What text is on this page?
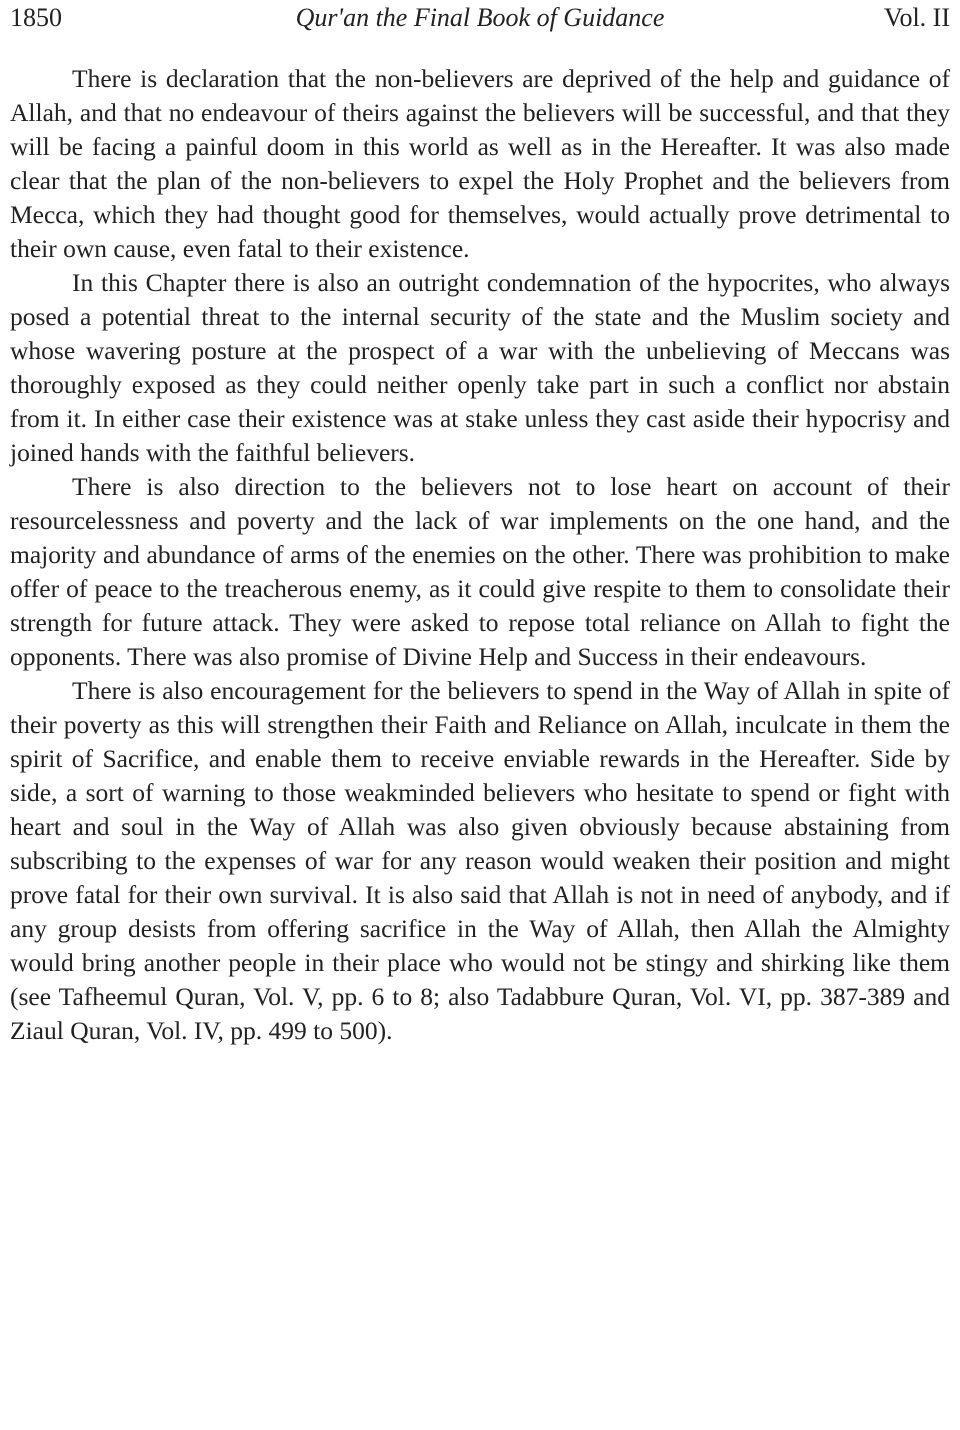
Qur'an the Final Book of Guidance
1850	Vol. II

There is declaration that the non-believers are deprived of the help and guidance of Allah, and that no endeavour of theirs against the believers will be successful, and that they will be facing a painful doom in this world as well as in the Hereafter. It was also made clear that the plan of the non-believers to expel the Holy Prophet and the believers from Mecca, which they had thought good for themselves, would actually prove detrimental to their own cause, even fatal to their existence.

In this Chapter there is also an outright condemnation of the hypocrites, who always posed a potential threat to the internal security of the state and the Muslim society and whose wavering posture at the prospect of a war with the unbelieving of Meccans was thoroughly exposed as they could neither openly take part in such a conflict nor abstain from it. In either case their existence was at stake unless they cast aside their hypocrisy and joined hands with the faithful believers.

There is also direction to the believers not to lose heart on account of their resourcelessness and poverty and the lack of war implements on the one hand, and the majority and abundance of arms of the enemies on the other. There was prohibition to make offer of peace to the treacherous enemy, as it could give respite to them to consolidate their strength for future attack. They were asked to repose total reliance on Allah to fight the opponents. There was also promise of Divine Help and Success in their endeavours.

There is also encouragement for the believers to spend in the Way of Allah in spite of their poverty as this will strengthen their Faith and Reliance on Allah, inculcate in them the spirit of Sacrifice, and enable them to receive enviable rewards in the Hereafter. Side by side, a sort of warning to those weakminded believers who hesitate to spend or fight with heart and soul in the Way of Allah was also given obviously because abstaining from subscribing to the expenses of war for any reason would weaken their position and might prove fatal for their own survival. It is also said that Allah is not in need of anybody, and if any group desists from offering sacrifice in the Way of Allah, then Allah the Almighty would bring another people in their place who would not be stingy and shirking like them (see Tafheemul Quran, Vol. V, pp. 6 to 8; also Tadabbure Quran, Vol. VI, pp. 387-389 and Ziaul Quran, Vol. IV, pp. 499 to 500).
